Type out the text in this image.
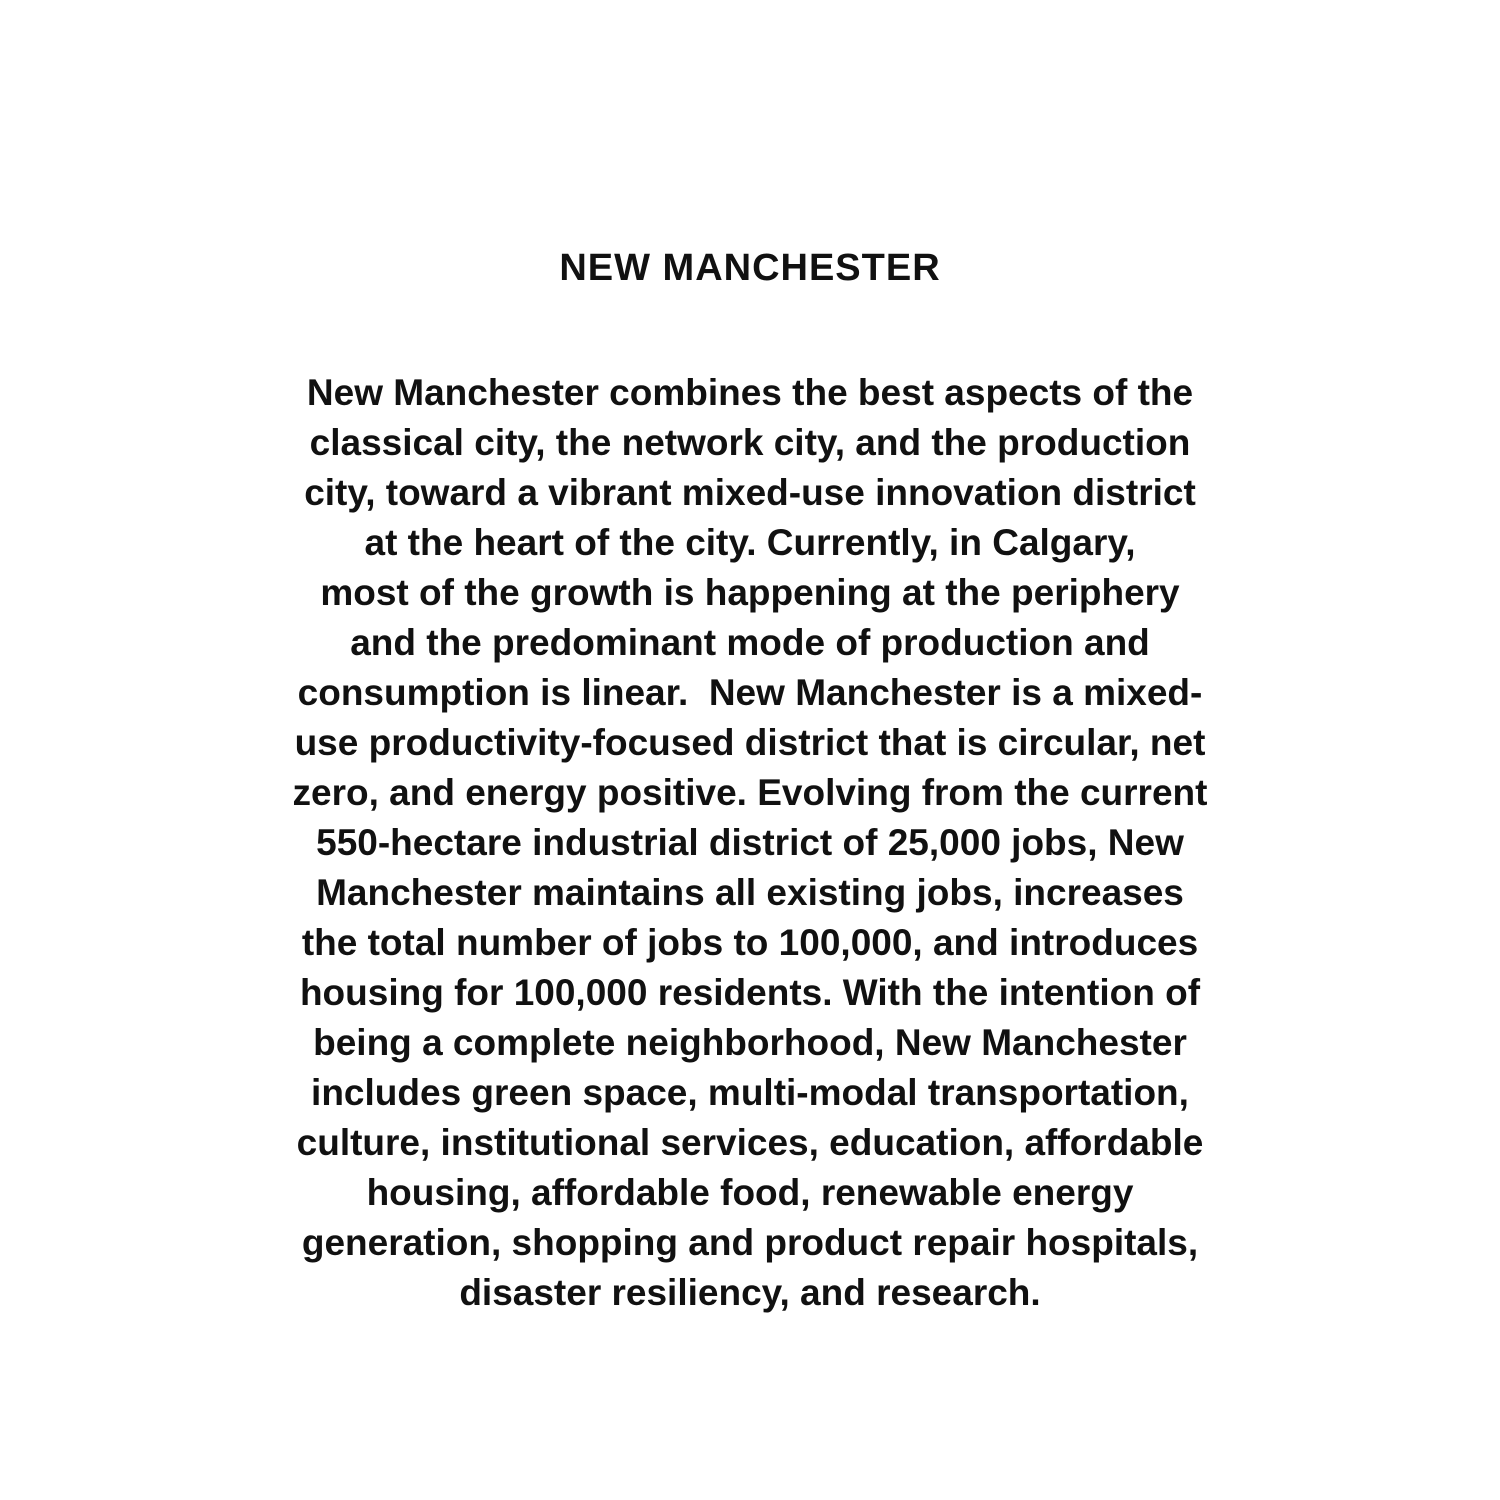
NEW MANCHESTER

New Manchester combines the best aspects of the
classical city, the network city, and the production
city, toward a vibrant mixed-use innovation district
at the heart of the city. Currently, in Calgary,
most of the growth is happening at the periphery
and the predominant mode of production and
consumption is linear.  New Manchester is a mixed-
use productivity-focused district that is circular, net
zero, and energy positive. Evolving from the current
550-hectare industrial district of 25,000 jobs, New
Manchester maintains all existing jobs, increases
the total number of jobs to 100,000, and introduces
housing for 100,000 residents. With the intention of
being a complete neighborhood, New Manchester
includes green space, multi-modal transportation,
culture, institutional services, education, affordable
housing, affordable food, renewable energy
generation, shopping and product repair hospitals,
disaster resiliency, and research.
